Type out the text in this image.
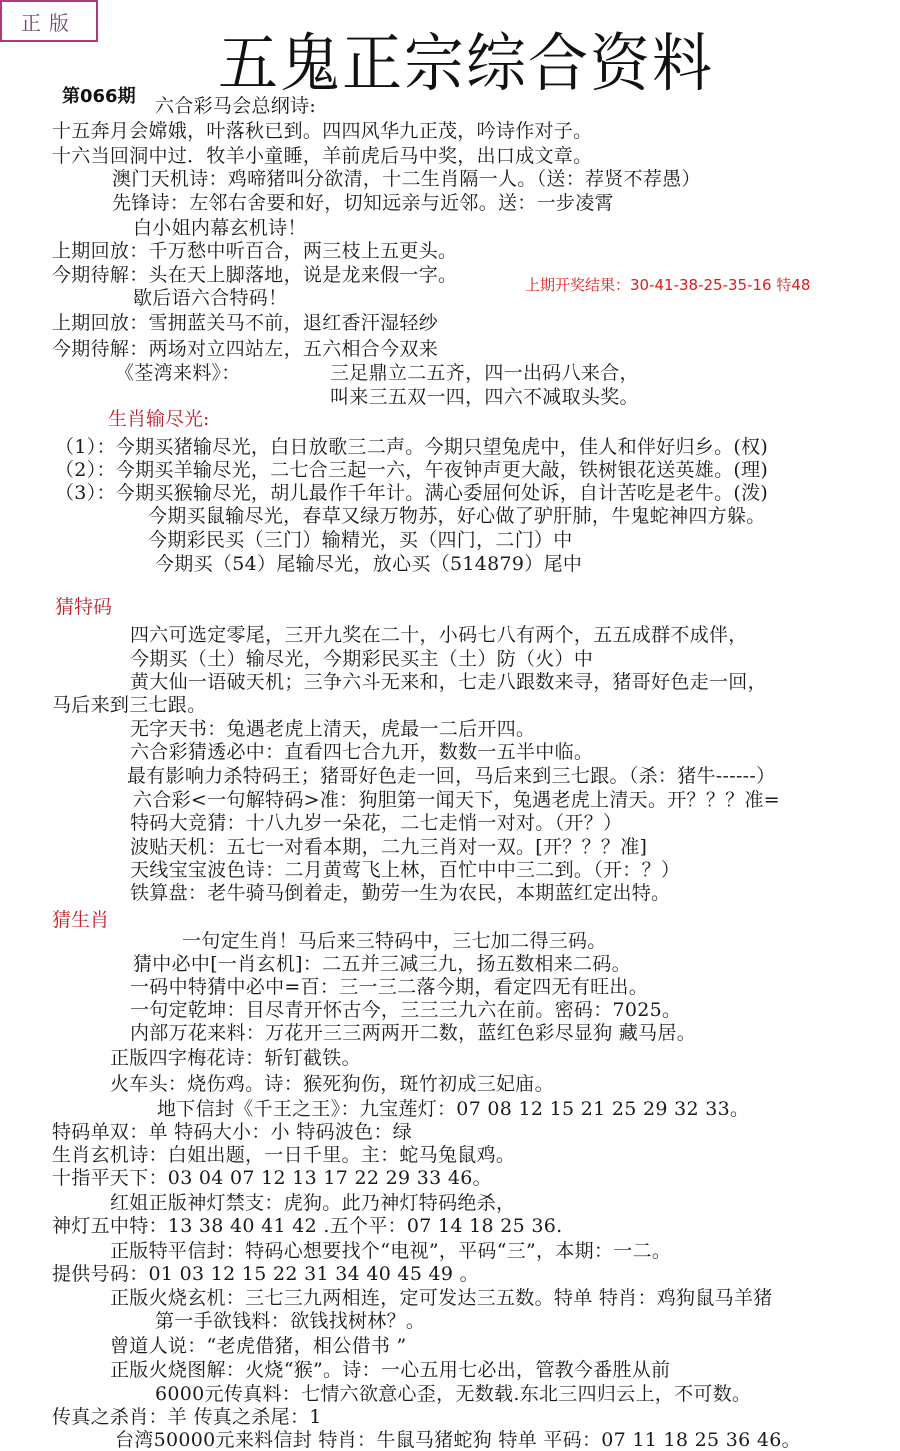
正版
五鬼正宗综合资料
第066期
上期开奖结果：30-41-38-25-35-16 特48
六合彩马会总纲诗:
十五奔月会嫦娥，叶落秋已到。四四风华九正茂，吟诗作对子。
十六当回洞中过．牧羊小童睡，羊前虎后马中奖，出口成文章。
澳门天机诗：鸡啼猪叫分欲清，十二生肖隔一人。（送：荐贤不荐愚）
先锋诗：左邻右舍要和好，切知远亲与近邻。送：一步凌霄
白小姐内幕玄机诗！
上期回放：千万愁中听百合，两三枝上五更头。
今期待解：头在天上脚落地，说是龙来假一字。
歇后语六合特码！
上期回放：雪拥蓝关马不前，退红香汗湿轻纱
今期待解：两场对立四站左，五六相合今双来
《荃湾来料》：	三足鼎立二五齐，四一出码八来合，
叫来三五双一四，四六不减取头奖。
（1）：今期买猪输尽光，白日放歌三二声。今期只望兔虎中，佳人和伴好归乡。(权)
（2）：今期买羊输尽光，二七合三起一六，午夜钟声更大敲，铁树银花送英雄。(理)
（3）：今期买猴输尽光，胡儿最作千年计。满心委屈何处诉，自计苦吃是老牛。(泼)
今期买鼠输尽光，春草又绿万物苏，好心做了驴肝肺，牛鬼蛇神四方躲。
今期彩民买（三门）输精光，买（四门，二门）中
今期买（54）尾输尽光，放心买（514879）尾中
四六可选定零尾，三开九奖在二十，小码七八有两个，五五成群不成伴，
今期买（土）输尽光，今期彩民买主（土）防（火）中
黄大仙一语破天机；三争六斗无来和，七走八跟数来寻，猪哥好色走一回，
马后来到三七跟。
无字天书：兔遇老虎上清天，虎最一二后开四。
六合彩猜透必中：直看四七合九开，数数一五半中临。
最有影响力杀特码王；猪哥好色走一回，马后来到三七跟。（杀：猪牛------）
六合彩<一句解特码>准：狗胆第一闻天下，兔遇老虎上清天。开？？？准=
特码大竞猜：十八九岁一朵花，二七走悄一对对。（开？）
波贴天机：五七一对看本期，二九三肖对一双。[开？？？准]
天线宝宝波色诗：二月黄莺飞上林，百忙中中三二到。（开：？）
铁算盘：老牛骑马倒着走，勤劳一生为农民，本期蓝红定出特。
一句定生肖！马后来三特码中，三七加二得三码。
猜中必中[一肖玄机]：二五并三减三九，扬五数相来二码。
一码中特猜中必中=百：三一三二落今期，看定四无有旺出。
一句定乾坤：目尽青开怀古今，三三三九六在前。密码：7025。
内部万花来料：万花开三三两两开二数，蓝红色彩尽显狗 藏马居。
正版四字梅花诗：斩钉截铁。
火车头：烧伤鸡。诗：猴死狗伤，斑竹初成三妃庙。
地下信封《千王之王》：九宝莲灯：07 08 12 15 21 25 29 32 33。
特码单双：单 特码大小：小 特码波色：绿
生肖玄机诗：白姐出题，一日千里。主：蛇马兔鼠鸡。
十指平天下：03 04 07 12 13 17 22 29 33 46。
红姐正版神灯禁支：虎狗。此乃神灯特码绝杀，
神灯五中特：13 38 40 41 42 .五个平：07 14 18 25 36.
正版特平信封：特码心想要找个“电视”，平码“三”，本期：一二。
提供号码：01 03 12 15 22 31 34 40 45 49 。
正版火烧玄机：三七三九两相连，定可发达三五数。特单 特肖：鸡狗鼠马羊猪
第一手欲钱料：欲钱找树林？。
曾道人说：“老虎借猪，相公借书 ”
正版火烧图解：火烧“猴”。诗：一心五用七必出，管教今番胜从前
6000元传真料：七情六欲意心歪，无数载.东北三四归云上，不可数。
传真之杀肖：羊 传真之杀尾：1
台湾50000元来料信封 特肖：牛鼠马猪蛇狗 特单 平码：07 11 18 25 36 46。
生肖输尽光:
猜特码
猜生肖
